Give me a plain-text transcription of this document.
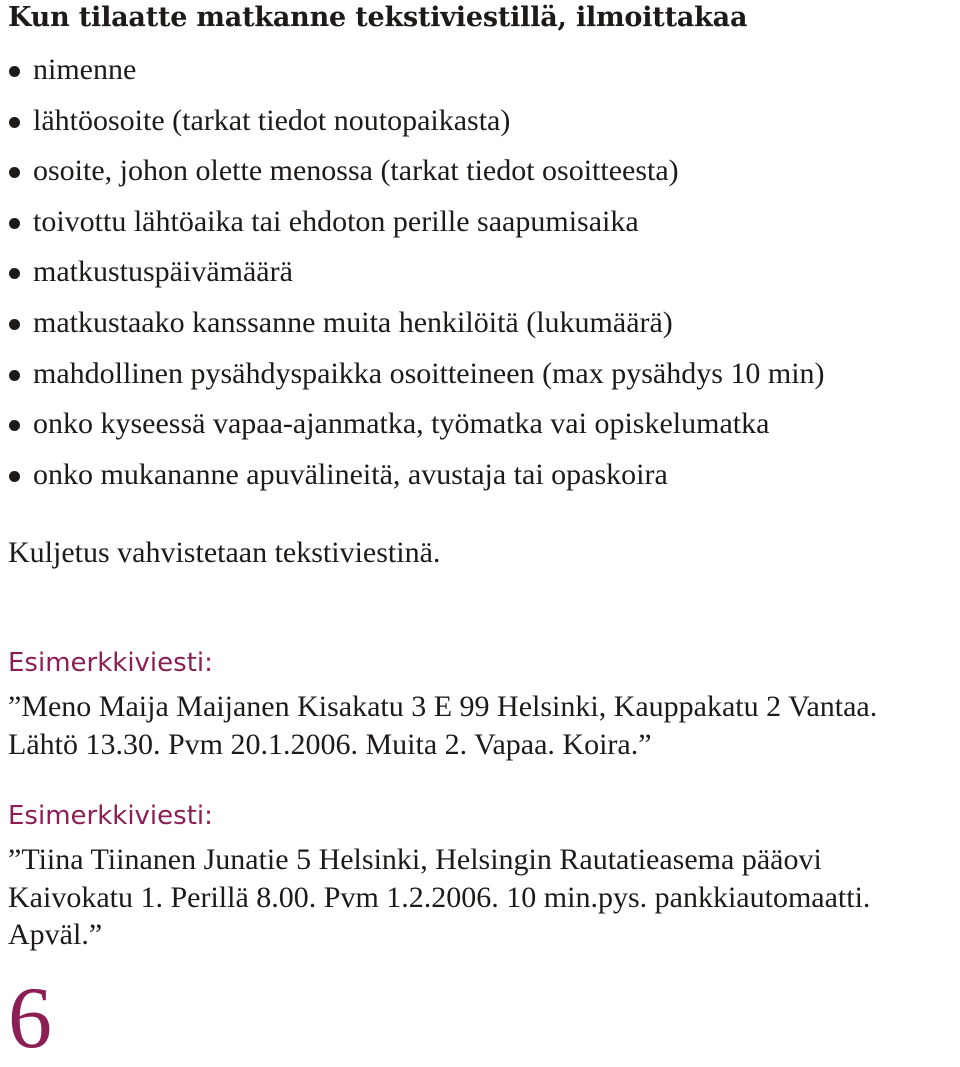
Kun tilaatte matkanne tekstiviestillä, ilmoittakaa
nimenne
lähtöosoite (tarkat tiedot noutopaikasta)
osoite, johon olette menossa (tarkat tiedot osoitteesta)
toivottu lähtöaika tai ehdoton perille saapumisaika
matkustuspäivämäärä
matkustaako kanssanne muita henkilöitä (lukumäärä)
mahdollinen pysähdyspaikka osoitteineen (max pysähdys 10 min)
onko kyseessä vapaa-ajanmatka, työmatka vai opiskelumatka
onko mukananne apuvälineitä, avustaja tai opaskoira
Kuljetus vahvistetaan tekstiviestinä.
Esimerkkiviesti:
”Meno Maija Maijanen Kisakatu 3 E 99 Helsinki, Kauppakatu 2 Vantaa.
Lähtö 13.30. Pvm 20.1.2006. Muita 2. Vapaa. Koira.”
Esimerkkiviesti:
”Tiina Tiinanen Junatie 5 Helsinki, Helsingin Rautatieasema pääovi
Kaivokatu 1. Perillä 8.00. Pvm 1.2.2006. 10 min.pys. pankkiautomaatti.
Apväl.”
6
